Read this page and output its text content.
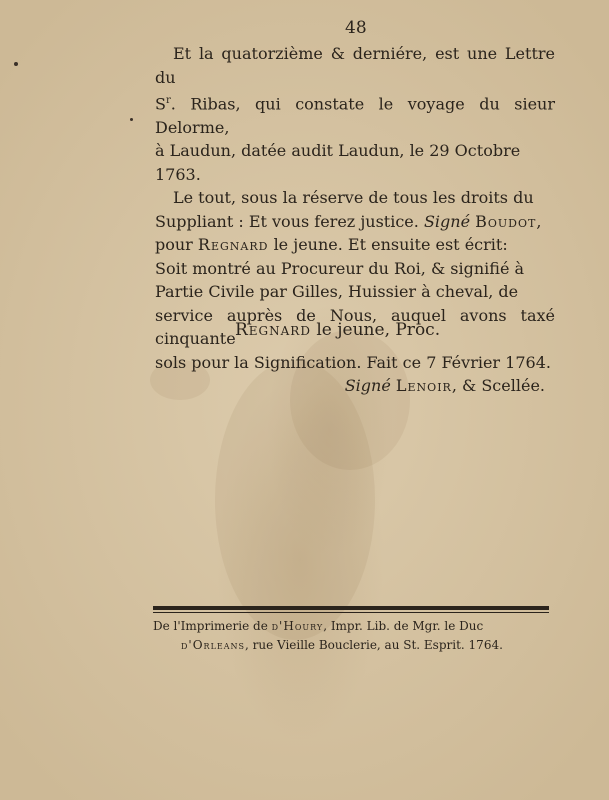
48

Et la quatorzième & derniére, est une Lettre du
$S^r$. Ribas, qui constate le voyage du sieur Delorme,
à Laudun, datée audit Laudun, le 29 Octobre
1763.

Le tout, sous la réserve de tous les droits du
Suppliant : Et vous ferez justice. Signé Boudot,
pour Regnard le jeune. Et ensuite est écrit:
Soit montré au Procureur du Roi, & signifié à
Partie Civile par Gilles, Huissier à cheval, de
service auprès de Nous, auquel avons taxé cinquante
sols pour la Signification. Fait ce 7 Février 1764.

Signé Lenoir, & Scellée.

Regnard le jeune, Proc.
De l'Imprimerie de d'Houry, Impr. Lib. de Mgr. le Duc
d'Orleans, rue Vieille Bouclerie, au St. Esprit. 1764.
